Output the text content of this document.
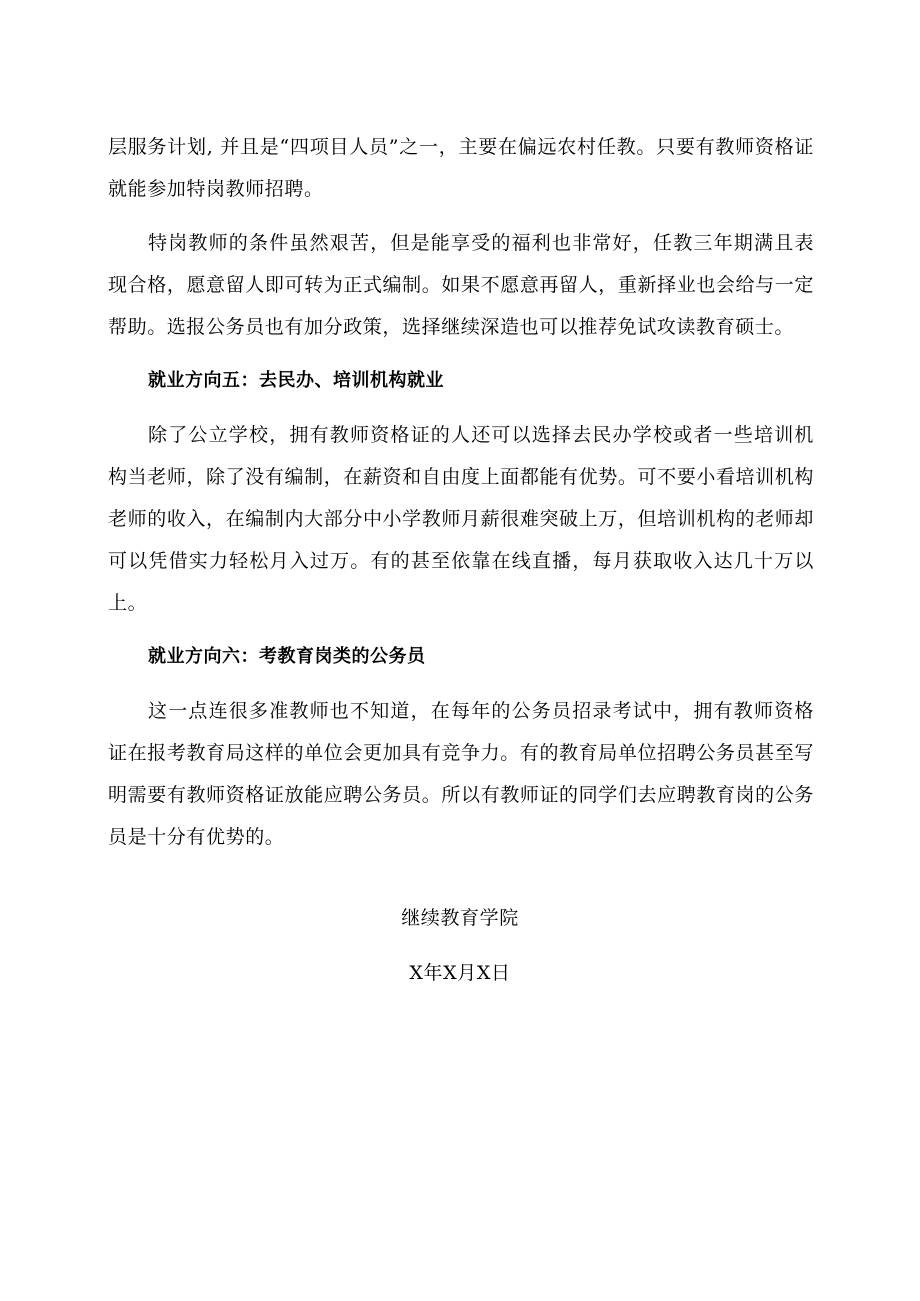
层服务计划, 并且是“四项目人员”之一，主要在偏远农村任教。只要有教师资格证就能参加特岗教师招聘。

特岗教师的条件虽然艰苦，但是能享受的福利也非常好，任教三年期满且表现合格，愿意留人即可转为正式编制。如果不愿意再留人，重新择业也会给与一定帮助。选报公务员也有加分政策，选择继续深造也可以推荐免试攻读教育硕士。

就业方向五：去民办、培训机构就业

除了公立学校，拥有教师资格证的人还可以选择去民办学校或者一些培训机构当老师，除了没有编制，在薪资和自由度上面都能有优势。可不要小看培训机构老师的收入，在编制内大部分中小学教师月薪很难突破上万，但培训机构的老师却可以凭借实力轻松月入过万。有的甚至依靠在线直播，每月获取收入达几十万以上。

就业方向六：考教育岗类的公务员

这一点连很多准教师也不知道，在每年的公务员招录考试中，拥有教师资格证在报考教育局这样的单位会更加具有竞争力。有的教育局单位招聘公务员甚至写明需要有教师资格证放能应聘公务员。所以有教师证的同学们去应聘教育岗的公务员是十分有优势的。

继续教育学院
X年X月X日
